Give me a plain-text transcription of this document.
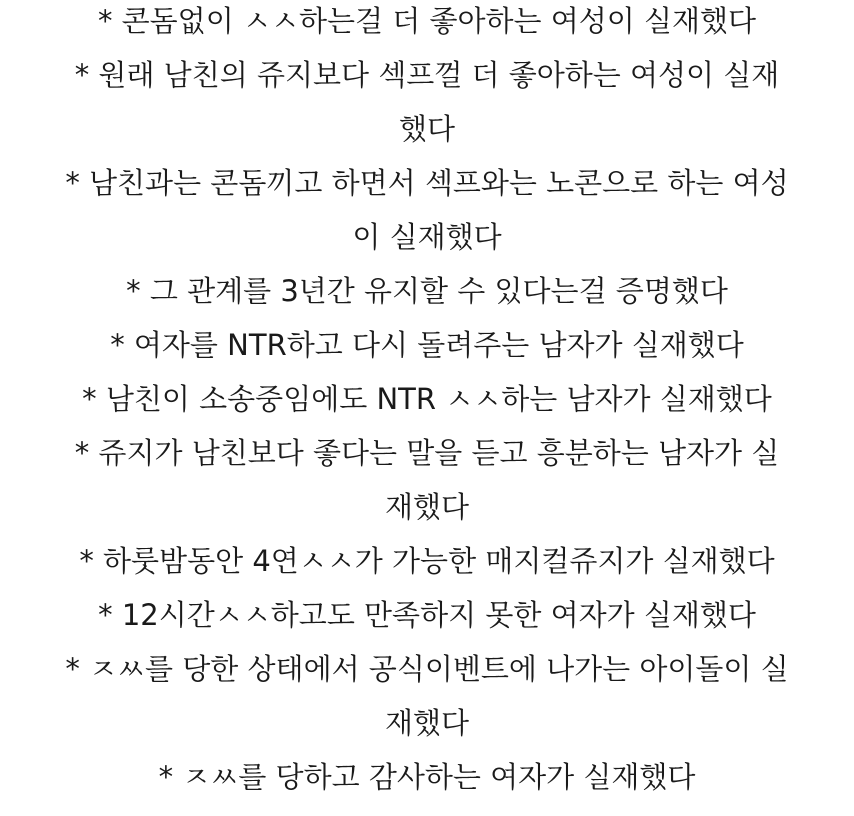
* 콘돔없이 ㅅㅅ하는걸 더 좋아하는 여성이 실재했다
* 원래 남친의 쥬지보다 섹프껄 더 좋아하는 여성이 실재
했다
* 남친과는 콘돔끼고 하면서 섹프와는 노콘으로 하는 여성
이 실재했다
* 그 관계를 3년간 유지할 수 있다는걸 증명했다
* 여자를 NTR하고 다시 돌려주는 남자가 실재했다
* 남친이 소송중임에도 NTR ㅅㅅ하는 남자가 실재했다
* 쥬지가 남친보다 좋다는 말을 듣고 흥분하는 남자가 실
재했다
* 하룻밤동안 4연ㅅㅅ가 가능한 매지컬쥬지가 실재했다
* 12시간ㅅㅅ하고도 만족하지 못한 여자가 실재했다
* ㅈㅆ를 당한 상태에서 공식이벤트에 나가는 아이돌이 실
재했다
* ㅈㅆ를 당하고 감사하는 여자가 실재했다
